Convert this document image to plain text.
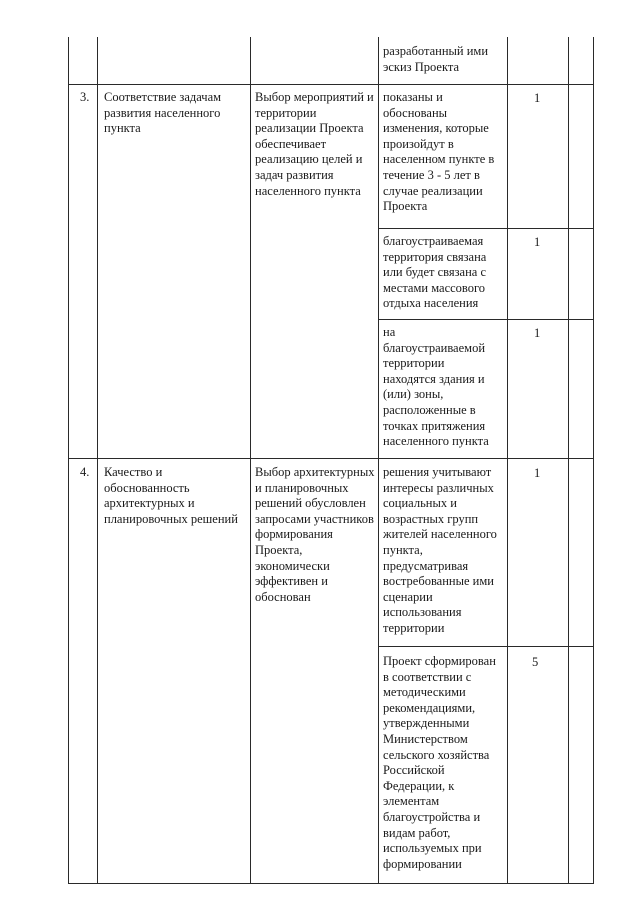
разработанный ими
эскиз Проекта
3. Соответствие задачам
развития населенного
пункта
Выбор мероприятий и
территории
реализации Проекта
обеспечивает
реализацию целей и
задач развития
населенного пункта
показаны и
обоснованы
изменения, которые
произойдут в
населенном пункте в
течение 3 - 5 лет в
случае реализации
Проекта
1
благоустраиваемая
территория связана
или будет связана с
местами массового
отдыха населения
1
на
благоустраиваемой
территории
находятся здания и
(или) зоны,
расположенные в
точках притяжения
населенного пункта
1
4. Качество и
обоснованность
архитектурных и
планировочных решений
Выбор архитектурных
и планировочных
решений обусловлен
запросами участников
формирования
Проекта,
экономически
эффективен и
обоснован
решения учитывают
интересы различных
социальных и
возрастных групп
жителей населенного
пункта,
предусматривая
востребованные ими
сценарии
использования
территории
1
Проект сформирован
в соответствии с
методическими
рекомендациями,
утвержденными
Министерством
сельского хозяйства
Российской
Федерации, к
элементам
благоустройства и
видам работ,
используемых при
формировании
5
